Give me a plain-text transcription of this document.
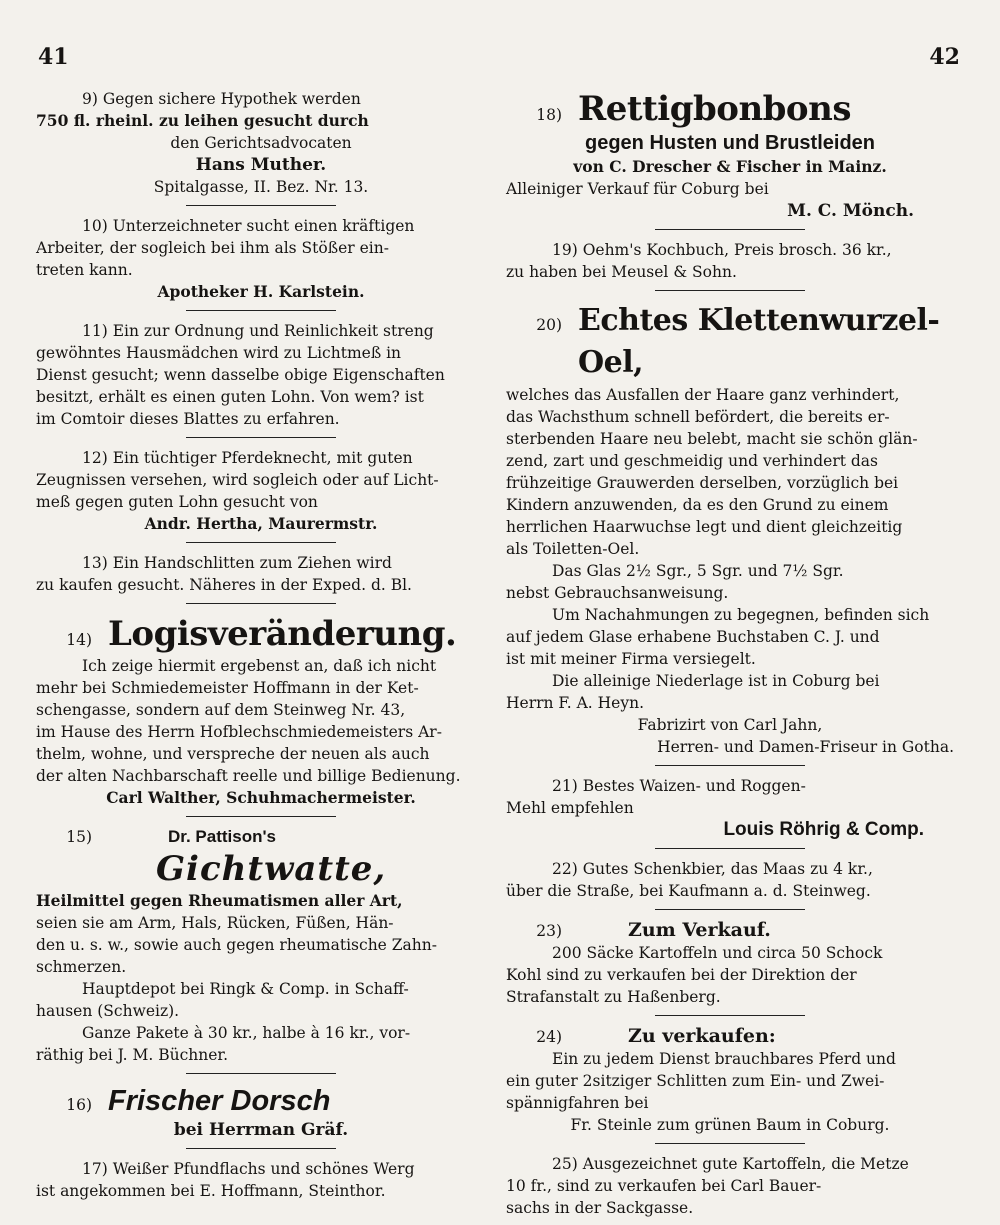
41	42

9) Gegen sichere Hypothek werden

750 fl. rheinl. zu leihen gesucht durch

den Gerichtsadvocaten

Hans Muther.

Spitalgasse, II. Bez. Nr. 13.

10) Unterzeichneter sucht einen kräftigen

Arbeiter, der sogleich bei ihm als Stößer ein-

treten kann.

Apotheker H. Karlstein.

11) Ein zur Ordnung und Reinlichkeit streng

gewöhntes Hausmädchen wird zu Lichtmeß in

Dienst gesucht; wenn dasselbe obige Eigenschaften

besitzt, erhält es einen guten Lohn. Von wem? ist

im Comtoir dieses Blattes zu erfahren.

12) Ein tüchtiger Pferdeknecht, mit guten

Zeugnissen versehen, wird sogleich oder auf Licht-

meß gegen guten Lohn gesucht von

Andr. Hertha, Maurermstr.

13) Ein Handschlitten zum Ziehen wird

zu kaufen gesucht. Näheres in der Exped. d. Bl.

14) Logisveränderung.

Ich zeige hiermit ergebenst an, daß ich nicht

mehr bei Schmiedemeister Hoffmann in der Ket-

schengasse, sondern auf dem Steinweg Nr. 43,

im Hause des Herrn Hofblechschmiedemeisters Ar-

thelm, wohne, und verspreche der neuen als auch

der alten Nachbarschaft reelle und billige Bedienung.

Carl Walther, Schuhmachermeister.

15)	Dr. Pattison's

Gichtwatte,

Heilmittel gegen Rheumatismen aller Art,

seien sie am Arm, Hals, Rücken, Füßen, Hän-

den u. s. w., sowie auch gegen rheumatische Zahn-

schmerzen.

Hauptdepot bei Ringk & Comp. in Schaff-

hausen (Schweiz).

Ganze Pakete à 30 kr., halbe à 16 kr., vor-

räthig bei J. M. Büchner.

16) Frischer Dorsch

bei Herrman Gräf.

17) Weißer Pfundflachs und schönes Werg

ist angekommen bei E. Hoffmann, Steinthor.

18) Rettigbonbons

gegen Husten und Brustleiden

von C. Drescher & Fischer in Mainz.

Alleiniger Verkauf für Coburg bei

M. C. Mönch.

19) Oehm's Kochbuch, Preis brosch. 36 kr.,

zu haben bei Meusel & Sohn.

20) Echtes Klettenwurzel-Oel,

welches das Ausfallen der Haare ganz verhindert,

das Wachsthum schnell befördert, die bereits er-

sterbenden Haare neu belebt, macht sie schön glän-

zend, zart und geschmeidig und verhindert das

frühzeitige Grauwerden derselben, vorzüglich bei

Kindern anzuwenden, da es den Grund zu einem

herrlichen Haarwuchse legt und dient gleichzeitig

als Toiletten-Oel.

Das Glas 2½ Sgr., 5 Sgr. und 7½ Sgr.

nebst Gebrauchsanweisung.

Um Nachahmungen zu begegnen, befinden sich

auf jedem Glase erhabene Buchstaben C. J. und

ist mit meiner Firma versiegelt.

Die alleinige Niederlage ist in Coburg bei

Herrn F. A. Heyn.

Fabrizirt von Carl Jahn,

Herren- und Damen-Friseur in Gotha.

21) Bestes Waizen- und Roggen-

Mehl empfehlen

Louis Röhrig & Comp.

22) Gutes Schenkbier, das Maas zu 4 kr.,

über die Straße, bei Kaufmann a. d. Steinweg.

23)	Zum Verkauf.

200 Säcke Kartoffeln und circa 50 Schock

Kohl sind zu verkaufen bei der Direktion der

Strafanstalt zu Haßenberg.

24)	Zu verkaufen:

Ein zu jedem Dienst brauchbares Pferd und

ein guter 2sitziger Schlitten zum Ein- und Zwei-

spännigfahren bei

Fr. Steinle zum grünen Baum in Coburg.

25) Ausgezeichnet gute Kartoffeln, die Metze

10 fr., sind zu verkaufen bei Carl Bauer-

sachs in der Sackgasse.
